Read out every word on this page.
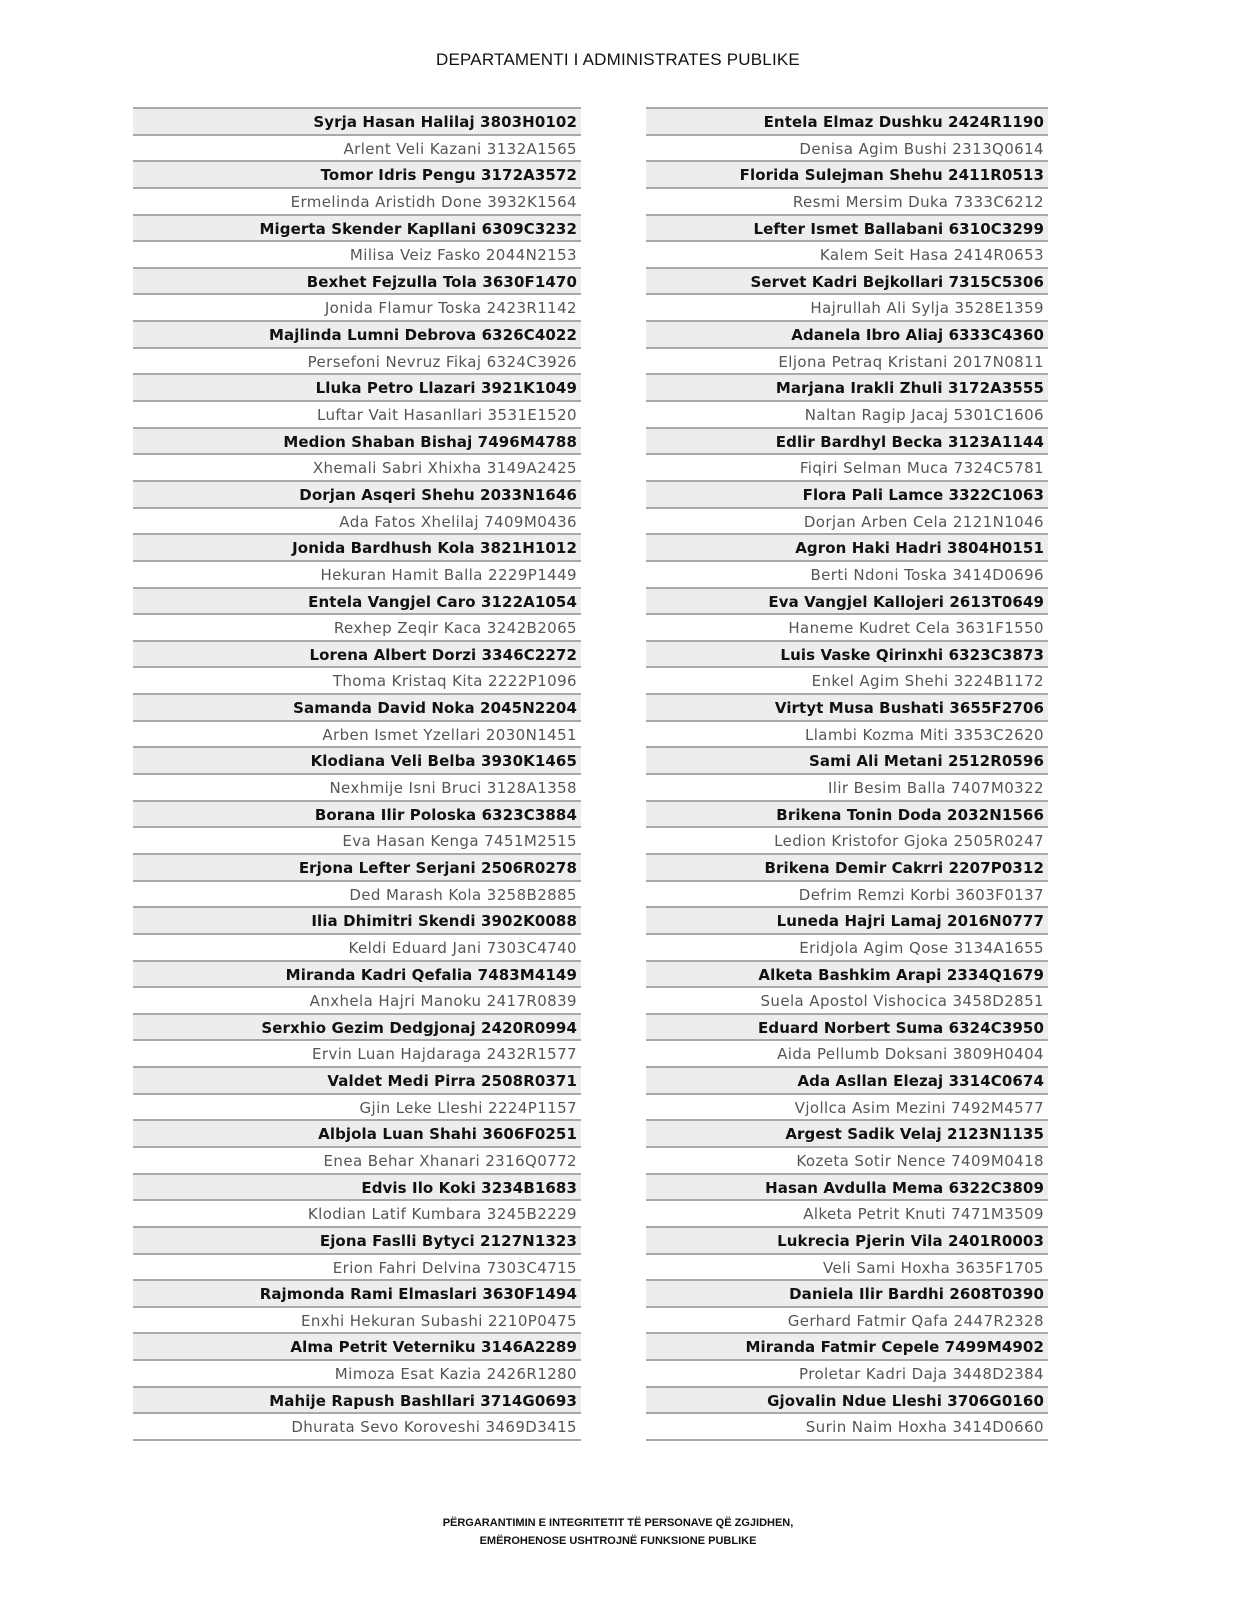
DEPARTAMENTI I ADMINISTRATES PUBLIKE
Syrja Hasan Halilaj 3803H0102
Arlent Veli Kazani 3132A1565
Tomor Idris Pengu 3172A3572
Ermelinda Aristidh Done 3932K1564
Migerta Skender Kapllani 6309C3232
Milisa Veiz Fasko 2044N2153
Bexhet Fejzulla Tola 3630F1470
Jonida Flamur Toska 2423R1142
Majlinda Lumni Debrova 6326C4022
Persefoni Nevruz Fikaj 6324C3926
Lluka Petro Llazari 3921K1049
Luftar Vait Hasanllari 3531E1520
Medion Shaban Bishaj 7496M4788
Xhemali Sabri Xhixha 3149A2425
Dorjan Asqeri Shehu 2033N1646
Ada Fatos Xhelilaj 7409M0436
Jonida Bardhush Kola 3821H1012
Hekuran Hamit Balla 2229P1449
Entela Vangjel Caro 3122A1054
Rexhep Zeqir Kaca 3242B2065
Lorena Albert Dorzi 3346C2272
Thoma Kristaq Kita 2222P1096
Samanda David Noka 2045N2204
Arben Ismet Yzellari 2030N1451
Klodiana Veli Belba 3930K1465
Nexhmije Isni Bruci 3128A1358
Borana Ilir Poloska 6323C3884
Eva Hasan Kenga 7451M2515
Erjona Lefter Serjani 2506R0278
Ded Marash Kola 3258B2885
Ilia Dhimitri Skendi 3902K0088
Keldi Eduard Jani 7303C4740
Miranda Kadri Qefalia 7483M4149
Anxhela Hajri Manoku 2417R0839
Serxhio Gezim Dedgjonaj 2420R0994
Ervin Luan Hajdaraga 2432R1577
Valdet Medi Pirra 2508R0371
Gjin Leke Lleshi 2224P1157
Albjola Luan Shahi 3606F0251
Enea Behar Xhanari 2316Q0772
Edvis Ilo Koki 3234B1683
Klodian Latif Kumbara 3245B2229
Ejona Faslli Bytyci 2127N1323
Erion Fahri Delvina 7303C4715
Rajmonda Rami Elmaslari 3630F1494
Enxhi Hekuran Subashi 2210P0475
Alma Petrit Veterniku 3146A2289
Mimoza Esat Kazia 2426R1280
Mahije Rapush Bashllari 3714G0693
Dhurata Sevo Koroveshi 3469D3415
Entela Elmaz Dushku 2424R1190
Denisa Agim Bushi 2313Q0614
Florida Sulejman Shehu 2411R0513
Resmi Mersim Duka 7333C6212
Lefter Ismet Ballabani 6310C3299
Kalem Seit Hasa 2414R0653
Servet Kadri Bejkollari 7315C5306
Hajrullah Ali Sylja 3528E1359
Adanela Ibro Aliaj 6333C4360
Eljona Petraq Kristani 2017N0811
Marjana Irakli Zhuli 3172A3555
Naltan Ragip Jacaj 5301C1606
Edlir Bardhyl Becka 3123A1144
Fiqiri Selman Muca 7324C5781
Flora Pali Lamce 3322C1063
Dorjan Arben Cela 2121N1046
Agron Haki Hadri 3804H0151
Berti Ndoni Toska 3414D0696
Eva Vangjel Kallojeri 2613T0649
Haneme Kudret Cela 3631F1550
Luis Vaske Qirinxhi 6323C3873
Enkel Agim Shehi 3224B1172
Virtyt Musa Bushati 3655F2706
Llambi Kozma Miti 3353C2620
Sami Ali Metani 2512R0596
Ilir Besim Balla 7407M0322
Brikena Tonin Doda 2032N1566
Ledion Kristofor Gjoka 2505R0247
Brikena Demir Cakrri 2207P0312
Defrim Remzi Korbi 3603F0137
Luneda Hajri Lamaj 2016N0777
Eridjola Agim Qose 3134A1655
Alketa Bashkim Arapi 2334Q1679
Suela Apostol Vishocica 3458D2851
Eduard Norbert Suma 6324C3950
Aida Pellumb Doksani 3809H0404
Ada Asllan Elezaj 3314C0674
Vjollca Asim Mezini 7492M4577
Argest Sadik Velaj 2123N1135
Kozeta Sotir Nence 7409M0418
Hasan Avdulla Mema 6322C3809
Alketa Petrit Knuti 7471M3509
Lukrecia Pjerin Vila 2401R0003
Veli Sami Hoxha 3635F1705
Daniela Ilir Bardhi 2608T0390
Gerhard Fatmir Qafa 2447R2328
Miranda Fatmir Cepele 7499M4902
Proletar Kadri Daja 3448D2384
Gjovalin Ndue Lleshi 3706G0160
Surin Naim Hoxha 3414D0660
PËRGARANTIMIN E INTEGRITETIT TË PERSONAVE QË ZGJIDHEN,
EMËROHENOSE USHTROJNË FUNKSIONE PUBLIKE
